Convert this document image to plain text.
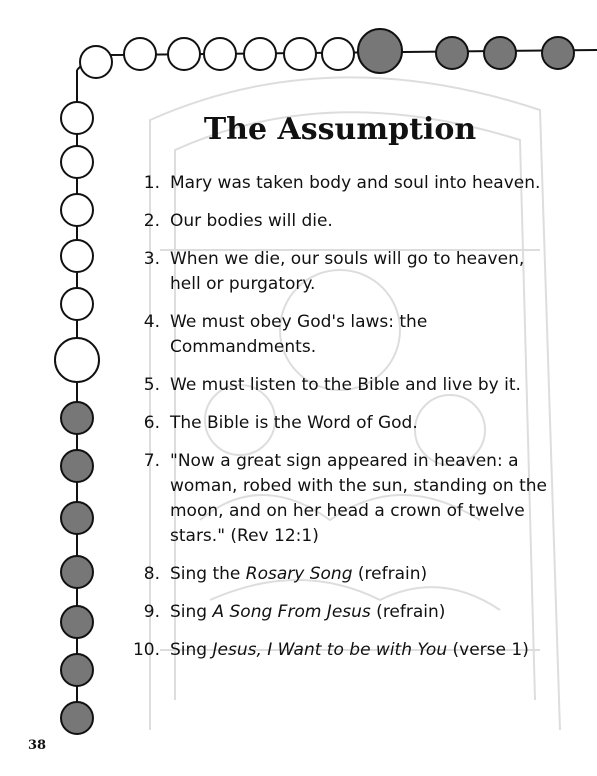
The Assumption
1. Mary was taken body and soul into heaven.
2. Our bodies will die.
3. When we die, our souls will go to heaven, hell or purgatory.
4. We must obey God's laws: the Commandments.
5. We must listen to the Bible and live by it.
6. The Bible is the Word of God.
7. "Now a great sign appeared in heaven: a woman, robed with the sun, standing on the moon, and on her head a crown of twelve stars." (Rev 12:1)
8. Sing the Rosary Song (refrain)
9. Sing A Song From Jesus (refrain)
10. Sing Jesus, I Want to be with You (verse 1)
38
